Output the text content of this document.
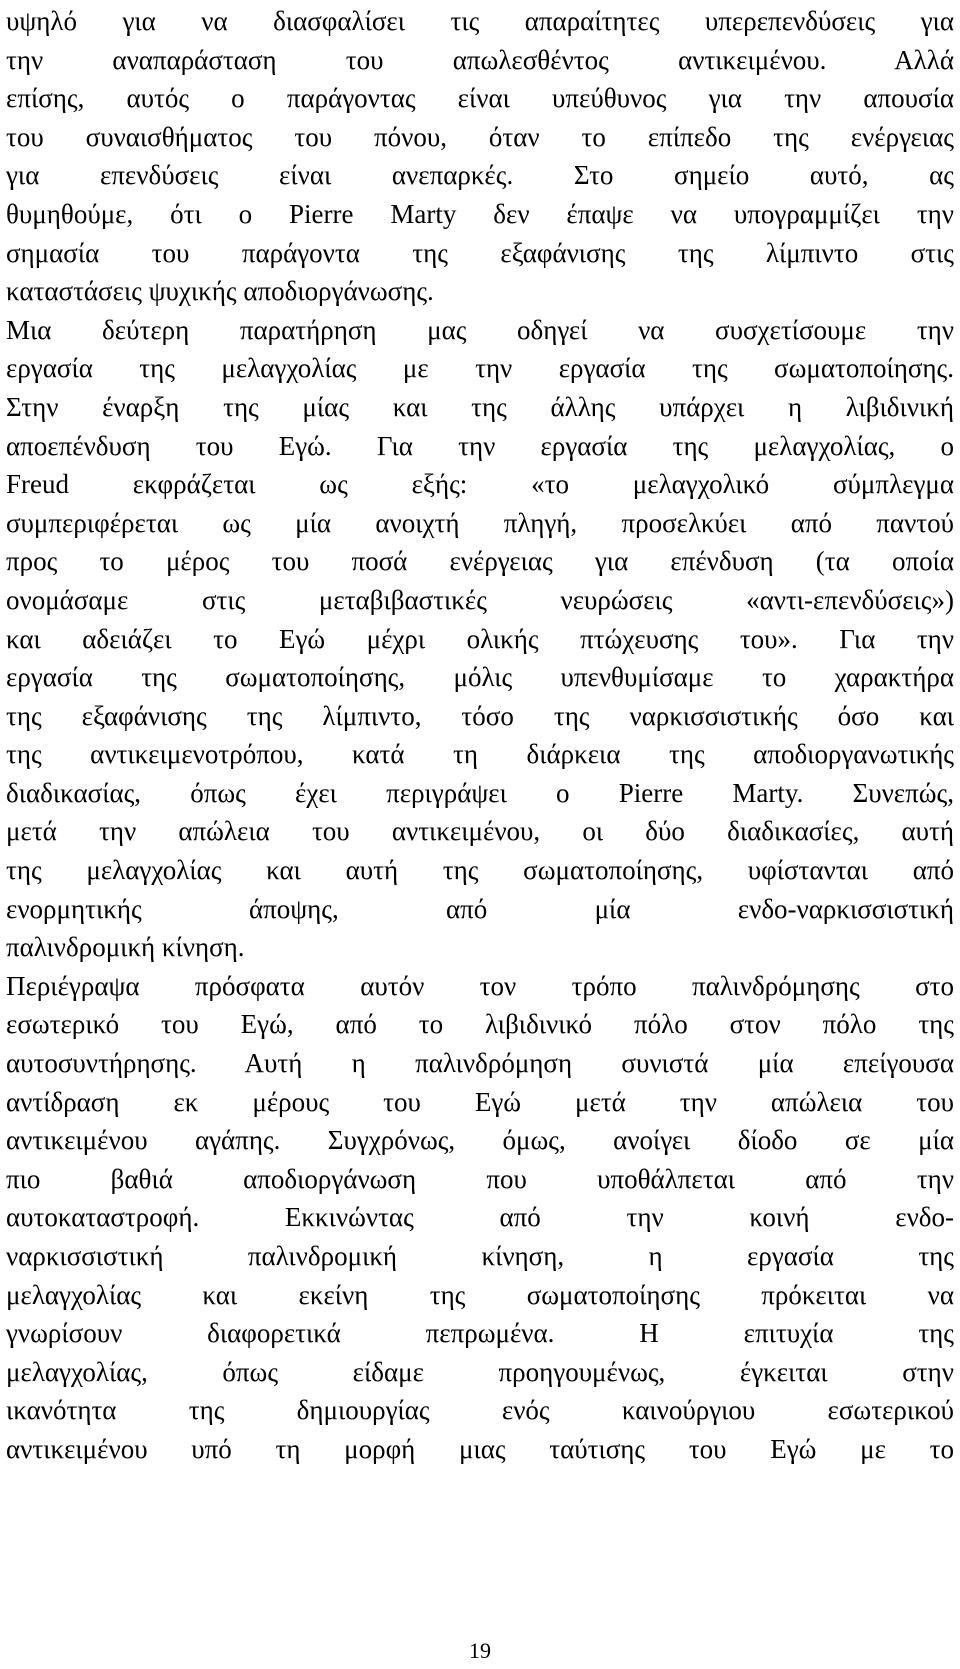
υψηλό για να διασφαλίσει τις απαραίτητες υπερεπενδύσεις για
την αναπαράσταση του απωλεσθέντος αντικειμένου. Αλλά
επίσης, αυτός ο παράγοντας είναι υπεύθυνος για την απουσία
του συναισθήματος του πόνου, όταν το επίπεδο της ενέργειας
για επενδύσεις είναι ανεπαρκές. Στο σημείο αυτό, ας
θυμηθούμε, ότι ο Pierre Marty δεν έπαψε να υπογραμμίζει την
σημασία του παράγοντα της εξαφάνισης της λίμπιντο στις
καταστάσεις ψυχικής αποδιοργάνωσης.
Μια δεύτερη παρατήρηση μας οδηγεί να συσχετίσουμε την
εργασία της μελαγχολίας με την εργασία της σωματοποίησης.
Στην έναρξη της μίας και της άλλης υπάρχει η λιβιδινική
αποεπένδυση του Εγώ. Για την εργασία της μελαγχολίας, ο
Freud εκφράζεται ως εξής: «το μελαγχολικό σύμπλεγμα
συμπεριφέρεται ως μία ανοιχτή πληγή, προσελκύει από παντού
προς το μέρος του ποσά ενέργειας για επένδυση (τα οποία
ονομάσαμε στις μεταβιβαστικές νευρώσεις «αντι-επενδύσεις»)
και αδειάζει το Εγώ μέχρι ολικής πτώχευσης του». Για την
εργασία της σωματοποίησης, μόλις υπενθυμίσαμε το χαρακτήρα
της εξαφάνισης της λίμπιντο, τόσο της ναρκισσιστικής όσο και
της αντικειμενοτρόπου, κατά τη διάρκεια της αποδιοργανωτικής
διαδικασίας, όπως έχει περιγράψει ο Pierre Marty. Συνεπώς,
μετά την απώλεια του αντικειμένου, οι δύο διαδικασίες, αυτή
της μελαγχολίας και αυτή της σωματοποίησης, υφίστανται από
ενορμητικής άποψης, από μία ενδο-ναρκισσιστική
παλινδρομική κίνηση.
Περιέγραψα πρόσφατα αυτόν τον τρόπο παλινδρόμησης στο
εσωτερικό του Εγώ, από το λιβιδινικό πόλο στον πόλο της
αυτοσυντήρησης. Αυτή η παλινδρόμηση συνιστά μία επείγουσα
αντίδραση εκ μέρους του Εγώ μετά την απώλεια του
αντικειμένου αγάπης. Συγχρόνως, όμως, ανοίγει δίοδο σε μία
πιο βαθιά αποδιοργάνωση που υποθάλπεται από την
αυτοκαταστροφή. Εκκινώντας από την κοινή ενδο-
ναρκισσιστική παλινδρομική κίνηση, η εργασία της
μελαγχολίας και εκείνη της σωματοποίησης πρόκειται να
γνωρίσουν διαφορετικά πεπρωμένα. Η επιτυχία της
μελαγχολίας, όπως είδαμε προηγουμένως, έγκειται στην
ικανότητα της δημιουργίας ενός καινούργιου εσωτερικού
αντικειμένου υπό τη μορφή μιας ταύτισης του Εγώ με το
19
